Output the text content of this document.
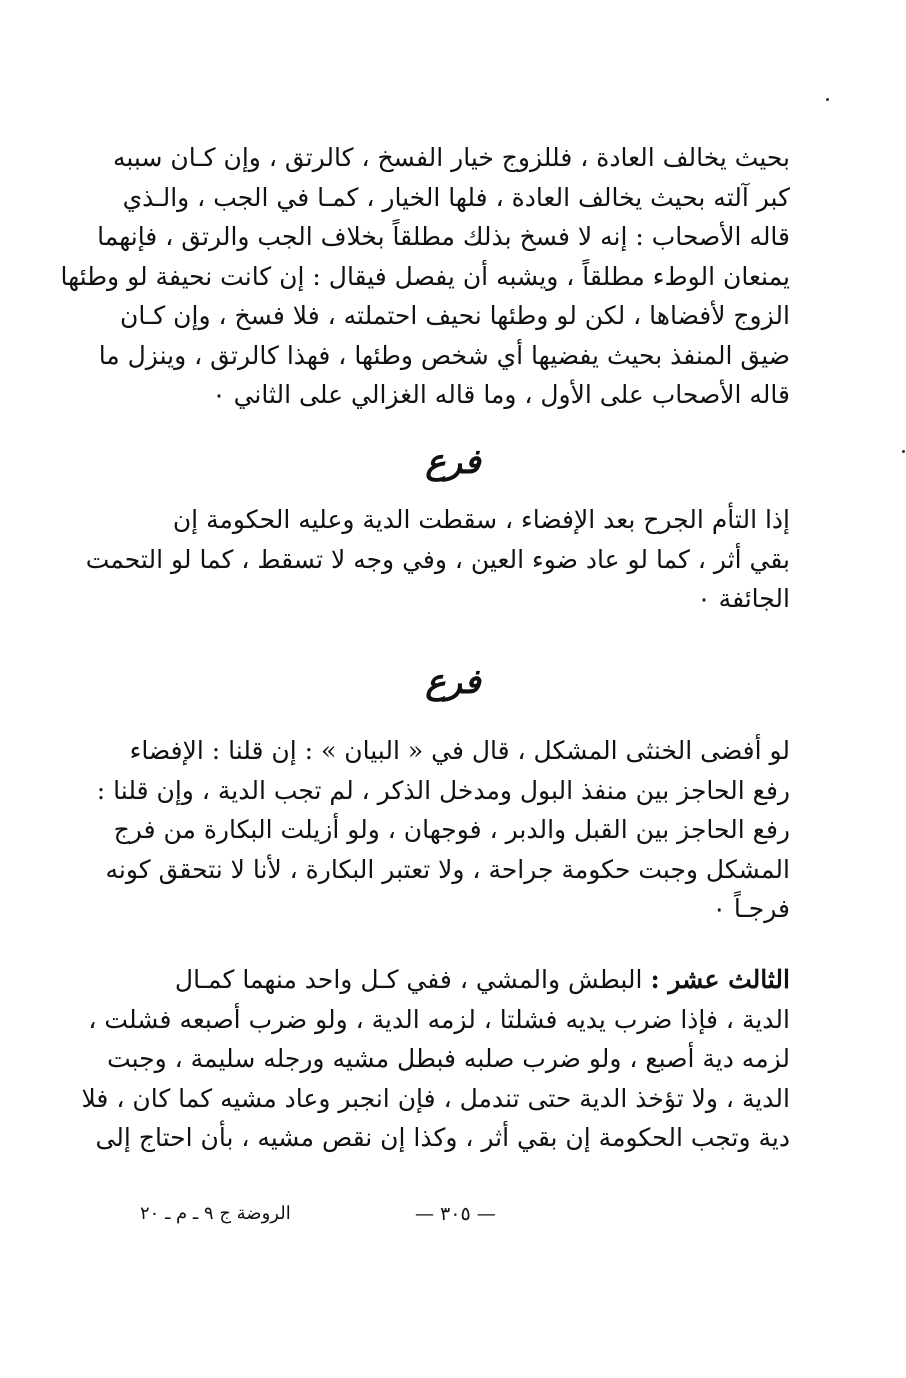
بحيث يخالف العادة ، فللزوج خيار الفسخ ، كالرتق ، وإن كـان سببه
كبر آلته بحيث يخالف العادة ، فلها الخيار ، كمـا في الجب ، والـذي
قاله الأصحاب : إنه لا فسخ بذلك مطلقاً بخلاف الجب والرتق ، فإنهما
يمنعان الوطء مطلقاً ، ويشبه أن يفصل فيقال : إن كانت نحيفة لو وطئها
الزوج لأفضاها ، لكن لو وطئها نحيف احتملته ، فلا فسخ ، وإن كـان
ضيق المنفذ بحيث يفضيها أي شخص وطئها ، فهذا كالرتق ، وينزل ما
قاله الأصحاب على الأول ، وما قاله الغزالي على الثاني ٠

فرع

إذا التأم الجرح بعد الإفضاء ، سقطت الدية وعليه الحكومة إن
بقي أثر ، كما لو عاد ضوء العين ، وفي وجه لا تسقط ، كما لو التحمت
الجائفة ٠

فرع

لو أفضى الخنثى المشكل ، قال في « البيان » : إن قلنا : الإفضاء
رفع الحاجز بين منفذ البول ومدخل الذكر ، لم تجب الدية ، وإن قلنا :
رفع الحاجز بين القبل والدبر ، فوجهان ، ولو أزيلت البكارة من فرج
المشكل وجبت حكومة جراحة ، ولا تعتبر البكارة ، لأنا لا نتحقق كونه
فرجـاً ٠

الثالث عشر : البطش والمشي ، ففي كـل واحد منهما كمـال
الدية ، فإذا ضرب يديه فشلتا ، لزمه الدية ، ولو ضرب أصبعه فشلت ،
لزمه دية أصبع ، ولو ضرب صلبه فبطل مشيه ورجله سليمة ، وجبت
الدية ، ولا تؤخذ الدية حتى تندمل ، فإن انجبر وعاد مشيه كما كان ، فلا
دية وتجب الحكومة إن بقي أثر ، وكذا إن نقص مشيه ، بأن احتاج إلى

— ٣٠٥ —
الروضة ج ٩ ـ م ـ ٢٠
